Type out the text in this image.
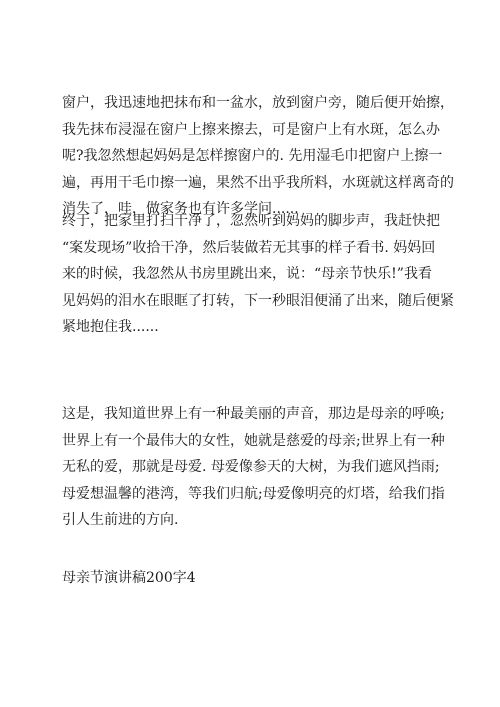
窗户，我迅速地把抹布和一盆水，放到窗户旁，随后便开始擦，
我先抹布浸湿在窗户上擦来擦去，可是窗户上有水斑，怎么办
呢?我忽然想起妈妈是怎样擦窗户的. 先用湿毛巾把窗户上擦一
遍，再用干毛巾擦一遍，果然不出乎我所料，水斑就这样离奇的
消失了，哇，做家务也有许多学问......
终于，把家里打扫干净了，忽然听到妈妈的脚步声，我赶快把
“案发现场”收拾干净，然后装做若无其事的样子看书. 妈妈回
来的时候，我忽然从书房里跳出来，说：“母亲节快乐!”我看
见妈妈的泪水在眼眶了打转，下一秒眼泪便涌了出来，随后便紧
紧地抱住我......
这是，我知道世界上有一种最美丽的声音，那边是母亲的呼唤;
世界上有一个最伟大的女性，她就是慈爱的母亲;世界上有一种
无私的爱，那就是母爱. 母爱像参天的大树，为我们遮风挡雨;
母爱想温馨的港湾，等我们归航;母爱像明亮的灯塔，给我们指
引人生前进的方向.
母亲节演讲稿200字4
